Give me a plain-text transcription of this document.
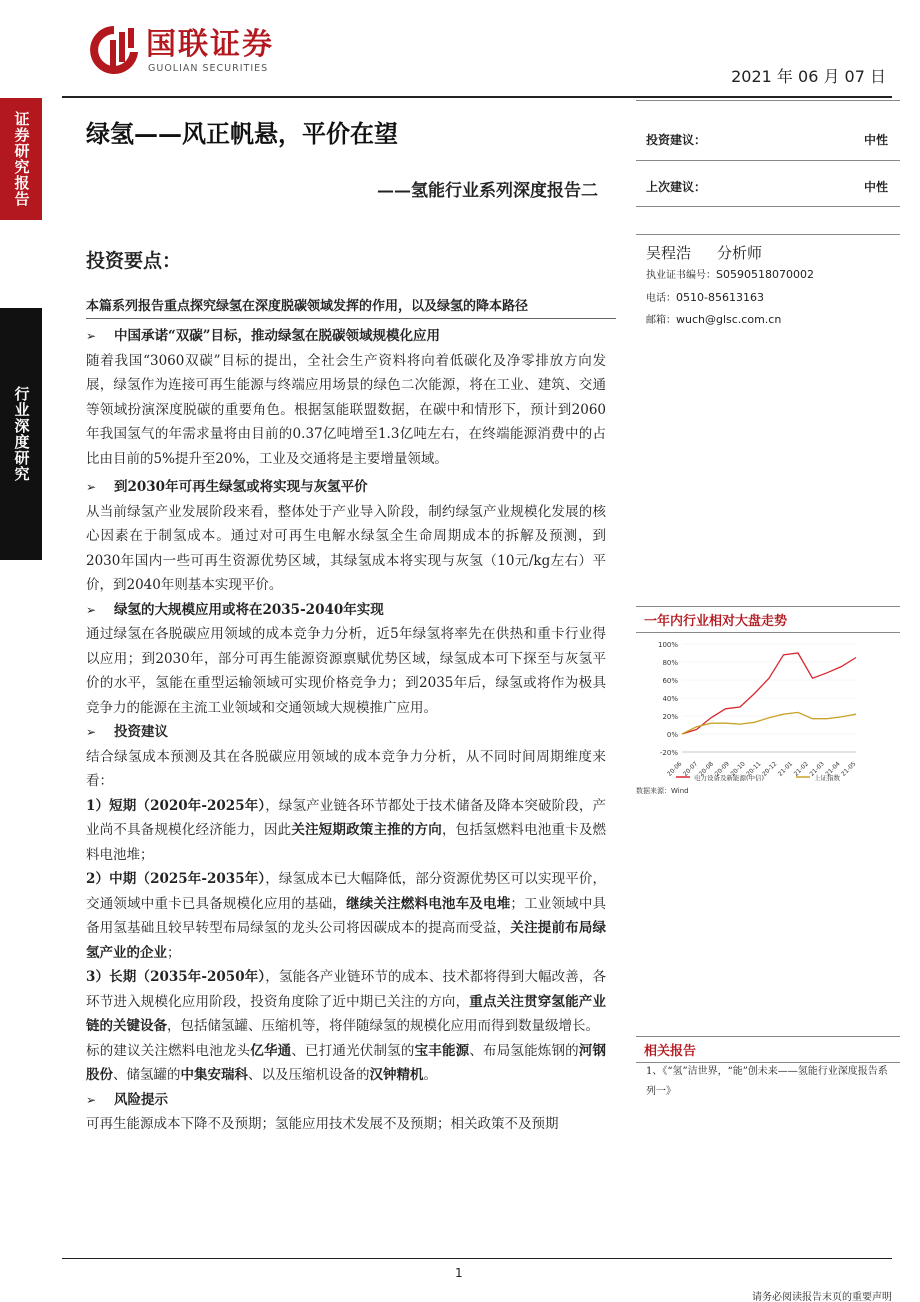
证券研究报告
行业深度研究
国联证券
GUOLIAN SECURITIES	2021 年 06 月 07 日
绿氢——风正帆悬，平价在望
——氢能行业系列深度报告二
投资建议：	中性
上次建议：	中性
吴程浩 分析师
执业证书编号：S0590518070002
电话：0510-85613163
邮箱：wuch@glsc.com.cn
投资要点：
本篇系列报告重点探究绿氢在深度脱碳领域发挥的作用，以及绿氢的降本路径
➢	中国承诺“双碳”目标，推动绿氢在脱碳领域规模化应用
随着我国“3060双碳”目标的提出，全社会生产资料将向着低碳化及净零排放方向发展，绿氢作为连接可再生能源与终端应用场景的绿色二次能源，将在工业、建筑、交通等领域扮演深度脱碳的重要角色。根据氢能联盟数据，在碳中和情形下，预计到2060年我国氢气的年需求量将由目前的0.37亿吨增至1.3亿吨左右，在终端能源消费中的占比由目前的5%提升至20%，工业及交通将是主要增量领域。
➢	到2030年可再生绿氢或将实现与灰氢平价
从当前绿氢产业发展阶段来看，整体处于产业导入阶段，制约绿氢产业规模化发展的核心因素在于制氢成本。通过对可再生电解水绿氢全生命周期成本的拆解及预测，到2030年国内一些可再生资源优势区域，其绿氢成本将实现与灰氢（10元/kg左右）平价，到2040年则基本实现平价。
➢	绿氢的大规模应用或将在2035-2040年实现
通过绿氢在各脱碳应用领域的成本竞争力分析，近5年绿氢将率先在供热和重卡行业得以应用；到2030年，部分可再生能源资源禀赋优势区域，绿氢成本可下探至与灰氢平价的水平，氢能在重型运输领域可实现价格竞争力；到2035年后，绿氢或将作为极具竞争力的能源在主流工业领域和交通领域大规模推广应用。
➢	投资建议
结合绿氢成本预测及其在各脱碳应用领域的成本竞争力分析，从不同时间周期维度来看：
1）短期（2020年-2025年），绿氢产业链各环节都处于技术储备及降本突破阶段，产业尚不具备规模化经济能力，因此关注短期政策主推的方向，包括氢燃料电池重卡及燃料电池堆；
2）中期（2025年-2035年），绿氢成本已大幅降低，部分资源优势区可以实现平价，交通领域中重卡已具备规模化应用的基础，继续关注燃料电池车及电堆；工业领域中具备用氢基础且较早转型布局绿氢的龙头公司将因碳成本的提高而受益，关注提前布局绿氢产业的企业；
3）长期（2035年-2050年），氢能各产业链环节的成本、技术都将得到大幅改善，各环节进入规模化应用阶段，投资角度除了近中期已关注的方向，重点关注贯穿氢能产业链的关键设备，包括储氢罐、压缩机等，将伴随绿氢的规模化应用而得到数量级增长。
标的建议关注燃料电池龙头亿华通、已打通光伏制氢的宝丰能源、布局氢能炼钢的河钢股份、储氢罐的中集安瑞科、以及压缩机设备的汉钟精机。
➢	风险提示
可再生能源成本下降不及预期；氢能应用技术发展不及预期；相关政策不及预期
一年内行业相对大盘走势
100%
80%
60%
40%
20%
0%
-20%
20-06
20-07
20-08
20-09
20-10
20-11
20-12
21-01
21-02
21-03
21-04
21-05
电力设备及新能源(中信)	上证指数
数据来源：Wind
相关报告
1、《“氢”洁世界，“能”创未来——氢能行业深度报告系列一》
1
请务必阅读报告末页的重要声明
